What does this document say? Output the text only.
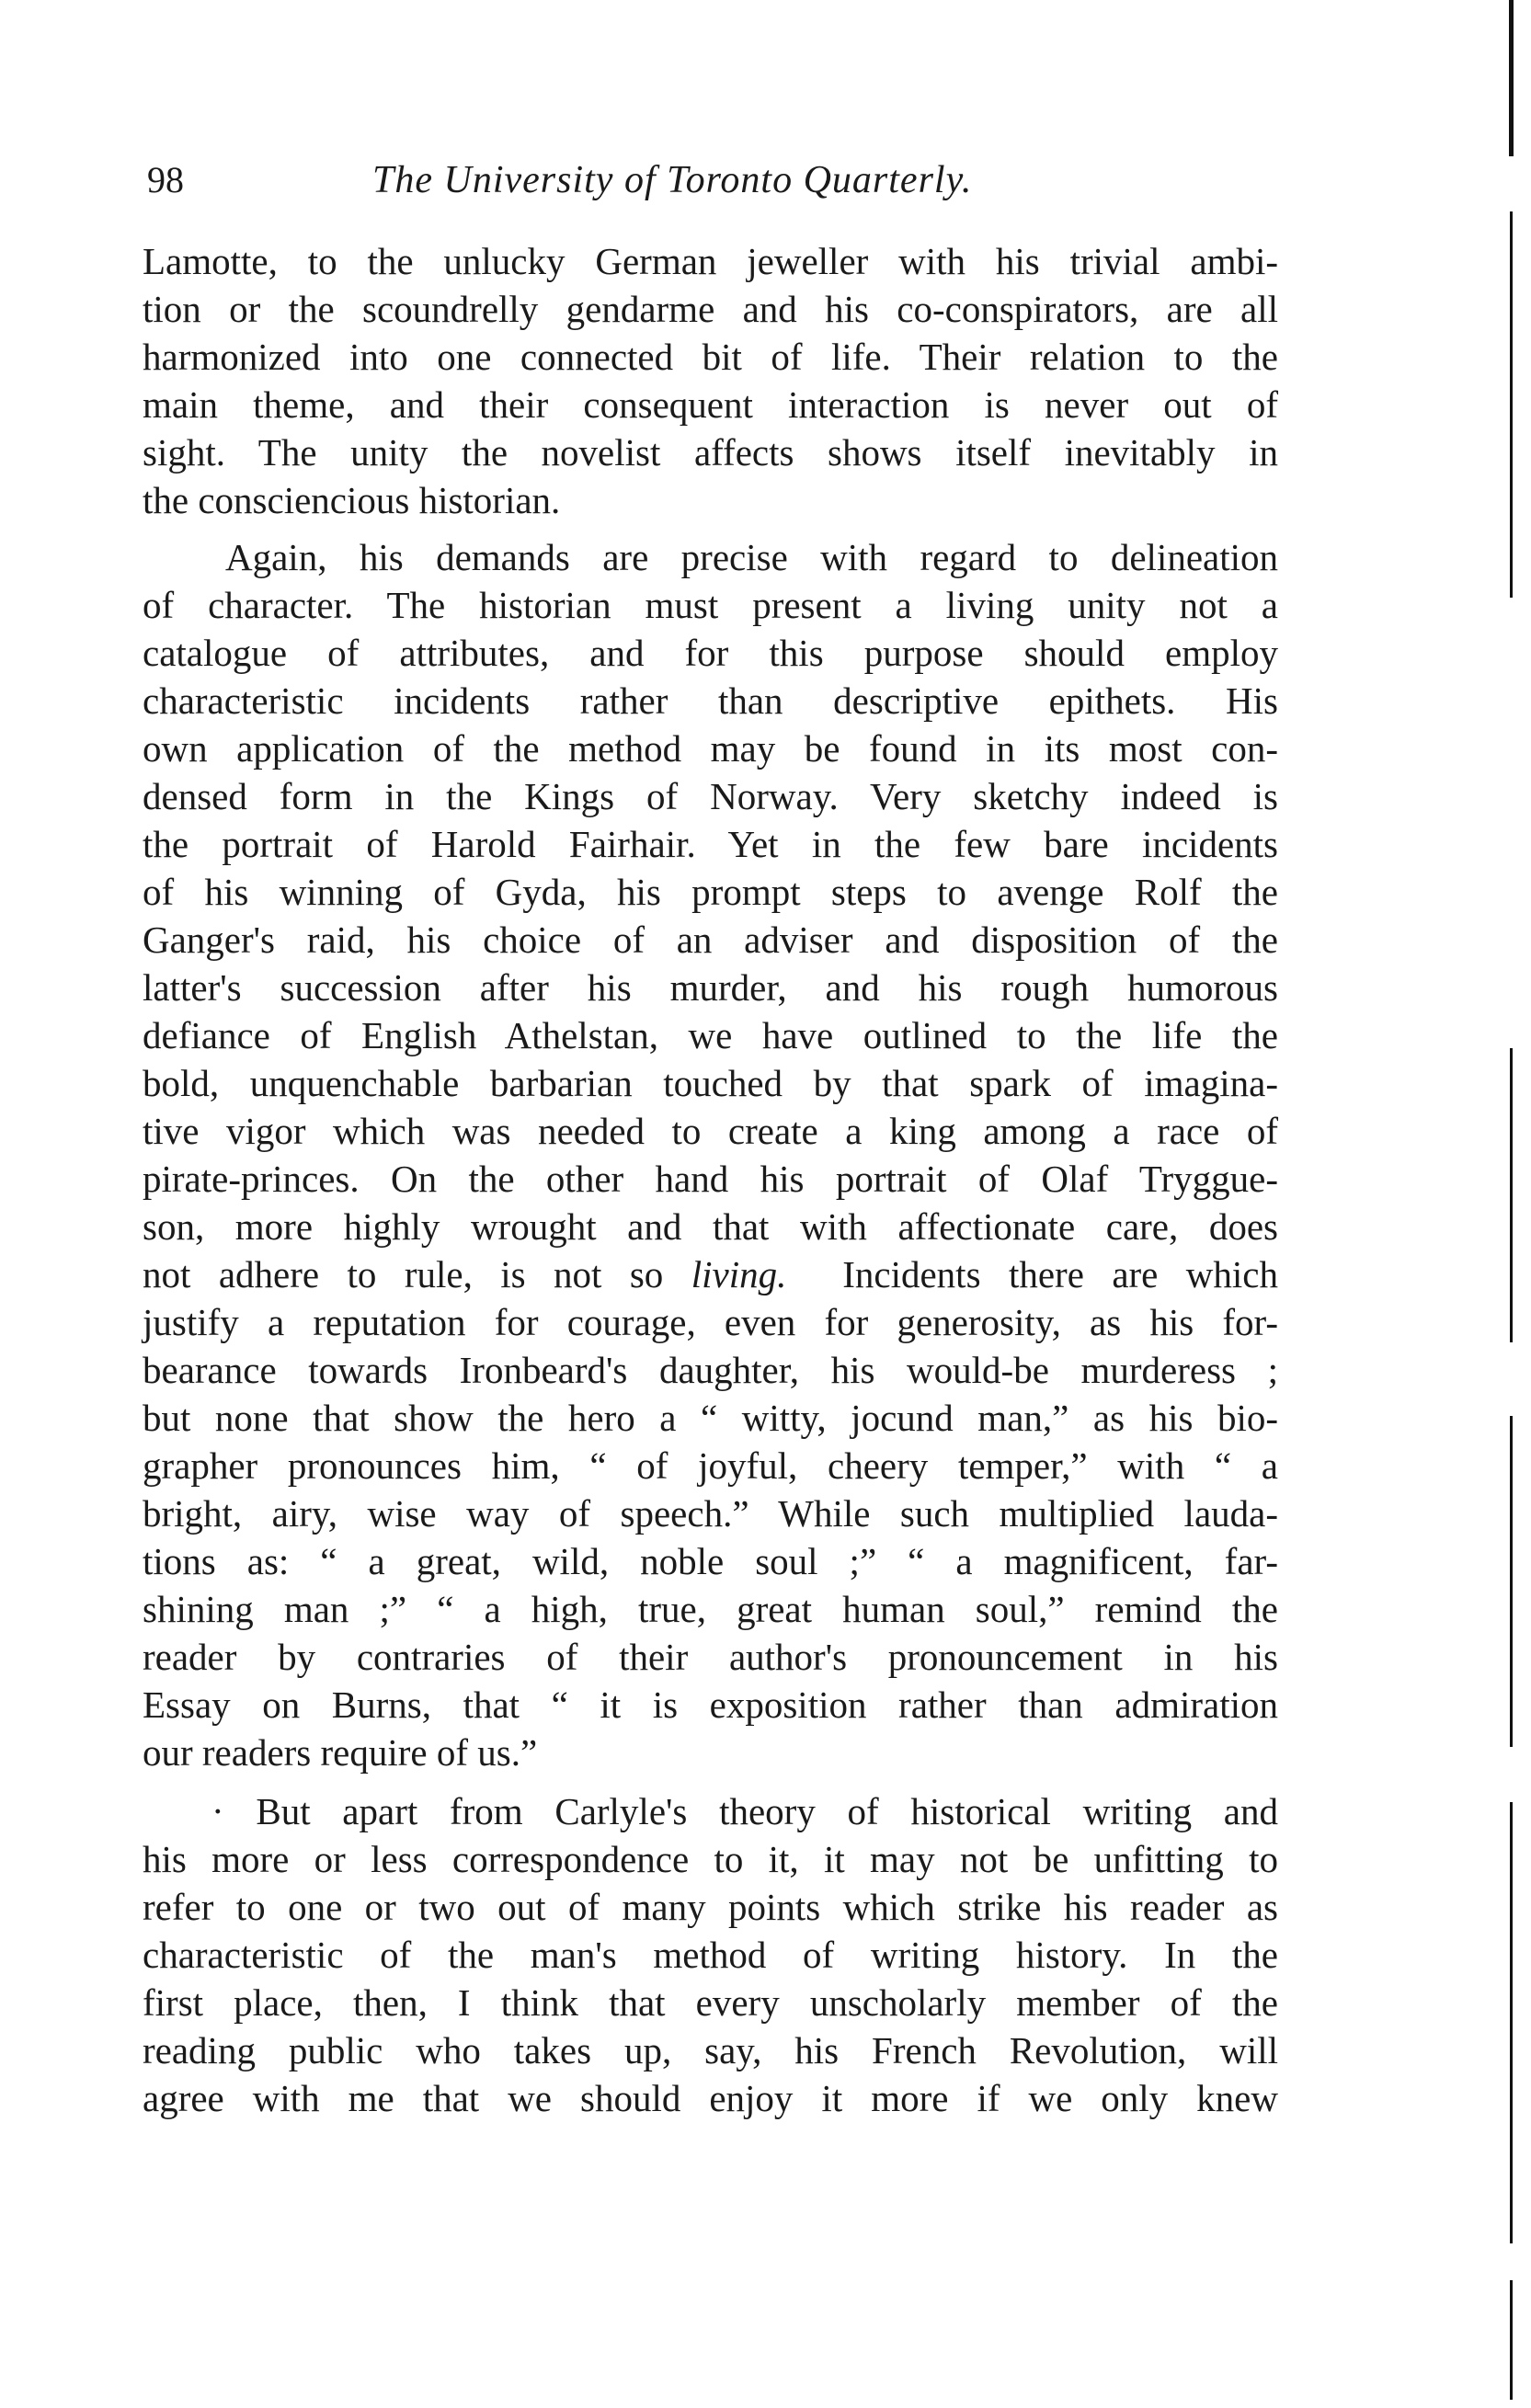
98	The University of Toronto Quarterly.
Lamotte, to the unlucky German jeweller with his trivial ambi-
tion or the scoundrelly gendarme and his co-conspirators, are all
harmonized into one connected bit of life. Their relation to the
main theme, and their consequent interaction is never out of
sight. The unity the novelist affects shows itself inevitably in
the consciencious historian.
Again, his demands are precise with regard to delineation
of character. The historian must present a living unity not a
catalogue of attributes, and for this purpose should employ
characteristic incidents rather than descriptive epithets. His
own application of the method may be found in its most con-
densed form in the Kings of Norway. Very sketchy indeed is
the portrait of Harold Fairhair. Yet in the few bare incidents
of his winning of Gyda, his prompt steps to avenge Rolf the
Ganger's raid, his choice of an adviser and disposition of the
latter's succession after his murder, and his rough humorous
defiance of English Athelstan, we have outlined to the life the
bold, unquenchable barbarian touched by that spark of imagina-
tive vigor which was needed to create a king among a race of
pirate-princes. On the other hand his portrait of Olaf Tryggue-
son, more highly wrought and that with affectionate care, does
not adhere to rule, is not so living.  Incidents there are which
justify a reputation for courage, even for generosity, as his for-
bearance towards Ironbeard's daughter, his would-be murderess ;
but none that show the hero a “ witty, jocund man,” as his bio-
grapher pronounces him, “ of joyful, cheery temper,” with “ a
bright, airy, wise way of speech.” While such multiplied lauda-
tions as: “ a great, wild, noble soul ;” “ a magnificent, far-
shining man ;” “ a high, true, great human soul,” remind the
reader by contraries of their author's pronouncement in his
Essay on Burns, that “ it is exposition rather than admiration
our readers require of us.”
· But apart from Carlyle's theory of historical writing and
his more or less correspondence to it, it may not be unfitting to
refer to one or two out of many points which strike his reader as
characteristic of the man's method of writing history. In the
first place, then, I think that every unscholarly member of the
reading public who takes up, say, his French Revolution, will
agree with me that we should enjoy it more if we only knew
